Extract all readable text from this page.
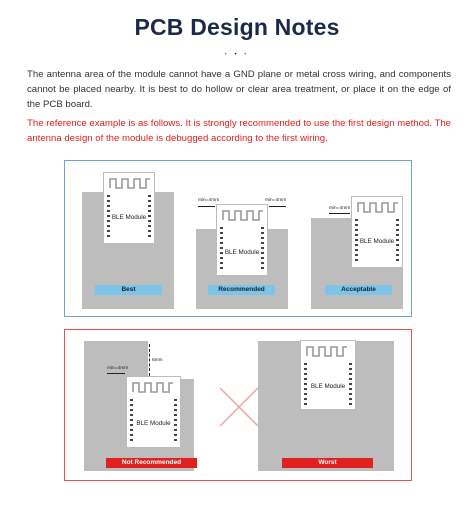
PCB Design Notes
• • •

The antenna area of the module cannot have a GND plane or metal cross wiring, and components cannot be placed nearby. It is best to do hollow or clear area treatment, or place it on the edge of the PCB board.

The reference example is as follows. It is strongly recommended to use the first design method. The antenna design of the module is debugged according to the first wiring.

BLE Module
Best
BLE Module
min=4mm	min=4mm
Recommended
BLE Module
min=4mm
Acceptable
BLE Module
6mm
min=4mm
Not Recommended
BLE Module
Worst
